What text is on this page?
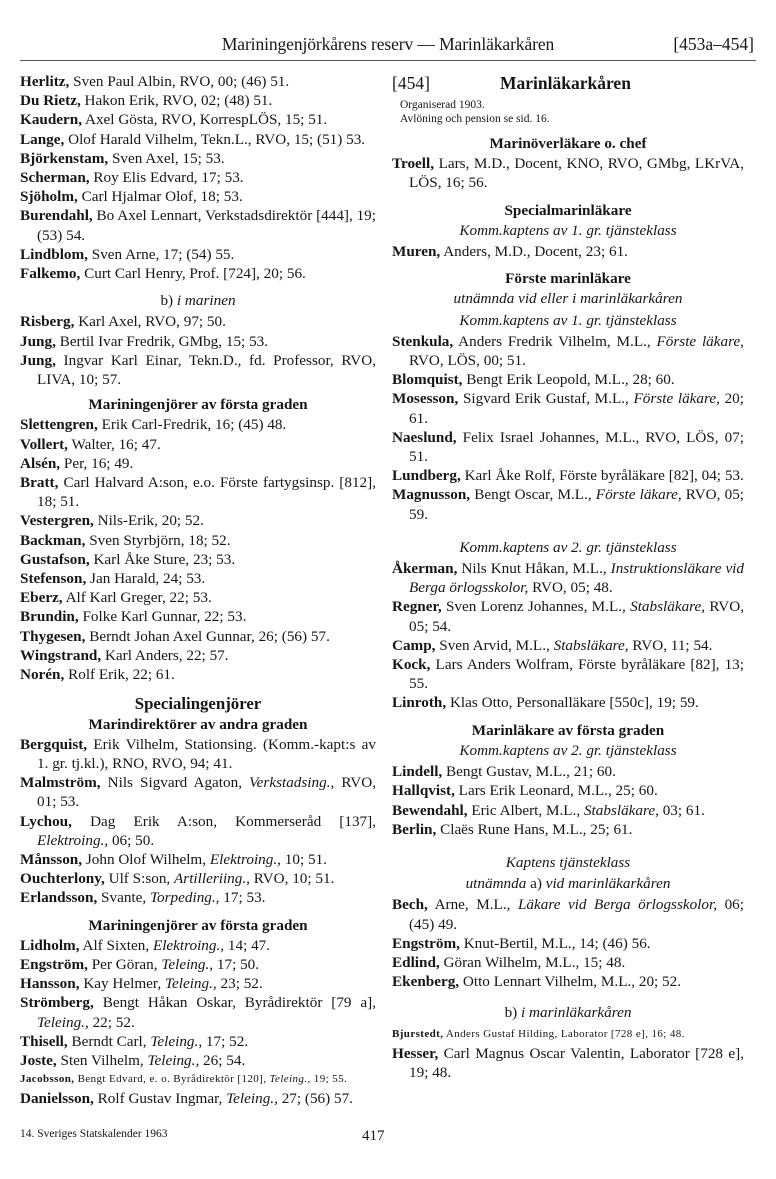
Mariningenjörkårens reserv — Marinläkarkåren	[453a–454]
Herlitz, Sven Paul Albin, RVO, 00; (46) 51.
Du Rietz, Hakon Erik, RVO, 02; (48) 51.
Kaudern, Axel Gösta, RVO, KorrespLÖS, 15; 51.
Lange, Olof Harald Vilhelm, Tekn.L., RVO, 15; (51) 53.
Björkenstam, Sven Axel, 15; 53.
Scherman, Roy Elis Edvard, 17; 53.
Sjöholm, Carl Hjalmar Olof, 18; 53.
Burendahl, Bo Axel Lennart, Verkstadsdirektör [444], 19; (53) 54.
Lindblom, Sven Arne, 17; (54) 55.
Falkemo, Curt Carl Henry, Prof. [724], 20; 56.
b) i marinen
Risberg, Karl Axel, RVO, 97; 50.
Jung, Bertil Ivar Fredrik, GMbg, 15; 53.
Jung, Ingvar Karl Einar, Tekn.D., fd. Professor, RVO, LIVA, 10; 57.
Mariningenjörer av första graden
Slettengren, Erik Carl-Fredrik, 16; (45) 48.
Vollert, Walter, 16; 47.
Alsén, Per, 16; 49.
Bratt, Carl Halvard A:son, e.o. Förste fartygsinsp. [812], 18; 51.
Vestergren, Nils-Erik, 20; 52.
Backman, Sven Styrbjörn, 18; 52.
Gustafson, Karl Åke Sture, 23; 53.
Stefenson, Jan Harald, 24; 53.
Eberz, Alf Karl Greger, 22; 53.
Brundin, Folke Karl Gunnar, 22; 53.
Thygesen, Berndt Johan Axel Gunnar, 26; (56) 57.
Wingstrand, Karl Anders, 22; 57.
Norén, Rolf Erik, 22; 61.
Specialingenjörer
Marindirektörer av andra graden
Bergquist, Erik Vilhelm, Stationsing. (Komm.-kapt:s av 1. gr. tj.kl.), RNO, RVO, 94; 41.
Malmström, Nils Sigvard Agaton, Verkstadsing., RVO, 01; 53.
Lychou, Dag Erik A:son, Kommerseråd [137], Elektroing., 06; 50.
Månsson, John Olof Wilhelm, Elektroing., 10; 51.
Ouchterlony, Ulf S:son, Artilleriing., RVO, 10; 51.
Erlandsson, Svante, Torpeding., 17; 53.
Mariningenjörer av första graden
Lidholm, Alf Sixten, Elektroing., 14; 47.
Engström, Per Göran, Teleing., 17; 50.
Hansson, Kay Helmer, Teleing., 23; 52.
Strömberg, Bengt Håkan Oskar, Byrådirektör [79 a], Teleing., 22; 52.
Thisell, Berndt Carl, Teleing., 17; 52.
Joste, Sten Vilhelm, Teleing., 26; 54.
Jacobsson, Bengt Edvard, e. o. Byrådirektör [120], Teleing., 19; 55.
Danielsson, Rolf Gustav Ingmar, Teleing., 27; (56) 57.
[454]	Marinläkarkåren
Organiserad 1903.
Avlöning och pension se sid. 16.
Marinöverläkare o. chef
Troell, Lars, M.D., Docent, KNO, RVO, GMbg, LKrVA, LÖS, 16; 56.
Specialmarinläkare
Komm.kaptens av 1. gr. tjänsteklass
Muren, Anders, M.D., Docent, 23; 61.
Förste marinläkare
utnämnda vid eller i marinläkarkåren
Komm.kaptens av 1. gr. tjänsteklass
Stenkula, Anders Fredrik Vilhelm, M.L., Förste läkare, RVO, LÖS, 00; 51.
Blomquist, Bengt Erik Leopold, M.L., 28; 60.
Mosesson, Sigvard Erik Gustaf, M.L., Förste läkare, 20; 61.
Naeslund, Felix Israel Johannes, M.L., RVO, LÖS, 07; 51.
Lundberg, Karl Åke Rolf, Förste byråläkare [82], 04; 53.
Magnusson, Bengt Oscar, M.L., Förste läkare, RVO, 05; 59.
Komm.kaptens av 2. gr. tjänsteklass
Åkerman, Nils Knut Håkan, M.L., Instruktionsläkare vid Berga örlogsskolor, RVO, 05; 48.
Regner, Sven Lorenz Johannes, M.L., Stabsläkare, RVO, 05; 54.
Camp, Sven Arvid, M.L., Stabsläkare, RVO, 11; 54.
Kock, Lars Anders Wolfram, Förste byråläkare [82], 13; 55.
Linroth, Klas Otto, Personalläkare [550c], 19; 59.
Marinläkare av första graden
Komm.kaptens av 2. gr. tjänsteklass
Lindell, Bengt Gustav, M.L., 21; 60.
Hallqvist, Lars Erik Leonard, M.L., 25; 60.
Bewendahl, Eric Albert, M.L., Stabsläkare, 03; 61.
Berlin, Claës Rune Hans, M.L., 25; 61.
Kaptens tjänsteklass
utnämnda a) vid marinläkarkåren
Bech, Arne, M.L., Läkare vid Berga örlogsskolor, 06; (45) 49.
Engström, Knut-Bertil, M.L., 14; (46) 56.
Edlind, Göran Wilhelm, M.L., 15; 48.
Ekenberg, Otto Lennart Vilhelm, M.L., 20; 52.
b) i marinläkarkåren
Bjurstedt, Anders Gustaf Hilding, Laborator [728 e], 16; 48.
Hesser, Carl Magnus Oscar Valentin, Laborator [728 e], 19; 48.
14. Sveriges Statskalender 1963	417
